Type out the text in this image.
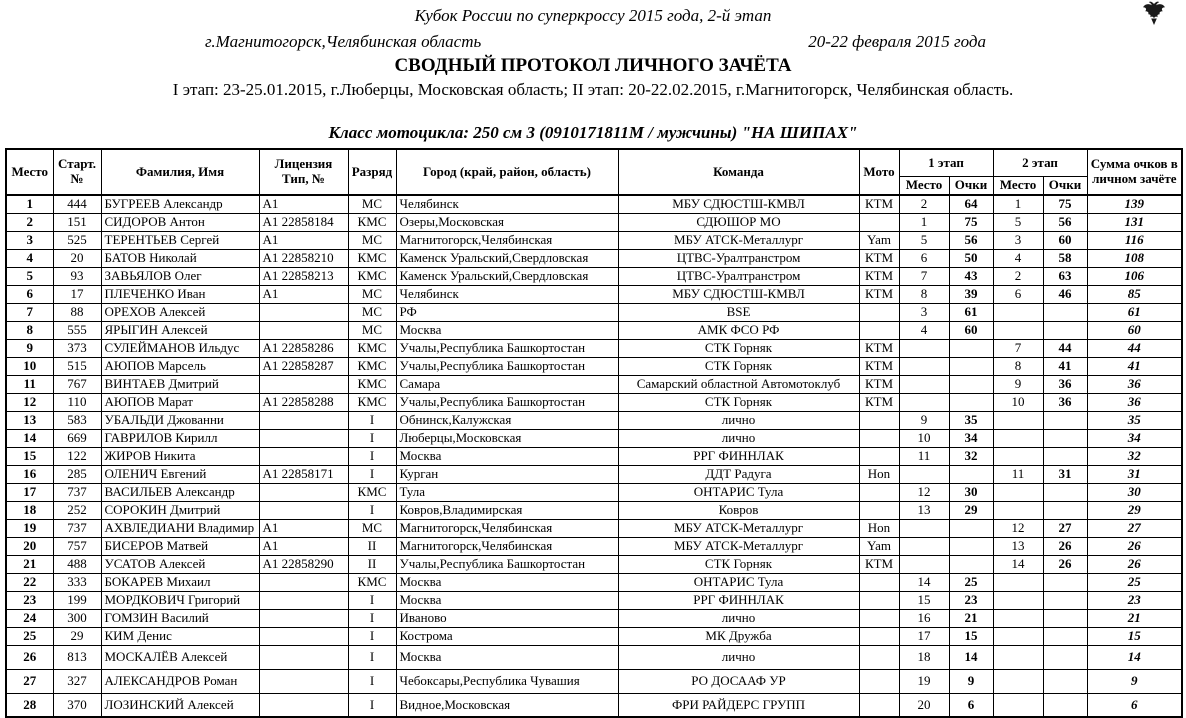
Кубок России по суперкроссу 2015 года, 2-й этап
г.Магнитогорск,Челябинская область	20-22 февраля 2015 года
СВОДНЫЙ ПРОТОКОЛ ЛИЧНОГО ЗАЧЁТА
I этап: 23-25.01.2015, г.Люберцы, Московская область; II этап: 20-22.02.2015, г.Магнитогорск, Челябинская область.
Класс мотоцикла: 250 см 3 (0910171811М / мужчины) "НА ШИПАХ"
Место	Старт. №	Фамилия, Имя	Лицензия Тип, №	Разряд	Город (край, район, область)	Команда	Мото	1 этап		2 этап		Сумма очков в личном зачёте
								Место	Очки	Место	Очки	
1	444	БУГРЕЕВ Александр	А1	МС	Челябинск	МБУ СДЮСТШ-КМВЛ	КТМ	2	64	1	75	139
2	151	СИДОРОВ Антон	А1 22858184	КМС	Озеры,Московская	СДЮШОР МО		1	75	5	56	131
3	525	ТЕРЕНТЬЕВ Сергей	А1	МС	Магнитогорск,Челябинская	МБУ АТСК-Металлург	Yam	5	56	3	60	116
4	20	БАТОВ Николай	А1 22858210	КМС	Каменск Уральский,Свердловская	ЦТВС-Уралтранстром	КТМ	6	50	4	58	108
5	93	ЗАВЬЯЛОВ Олег	А1 22858213	КМС	Каменск Уральский,Свердловская	ЦТВС-Уралтранстром	КТМ	7	43	2	63	106
6	17	ПЛЕЧЕНКО Иван	А1	МС	Челябинск	МБУ СДЮСТШ-КМВЛ	КТМ	8	39	6	46	85
7	88	ОРЕХОВ Алексей		МС	РФ	BSE		3	61			61
8	555	ЯРЫГИН Алексей		МС	Москва	АМК ФСО РФ		4	60			60
9	373	СУЛЕЙМАНОВ Ильдус	А1 22858286	КМС	Учалы,Республика Башкортостан	СТК Горняк	КТМ			7	44	44
10	515	АЮПОВ Марсель	А1 22858287	КМС	Учалы,Республика Башкортостан	СТК Горняк	КТМ			8	41	41
11	767	ВИНТАЕВ Дмитрий		КМС	Самара	Самарский областной Автомотоклуб	КТМ			9	36	36
12	110	АЮПОВ Марат	А1 22858288	КМС	Учалы,Республика Башкортостан	СТК Горняк	КТМ			10	36	36
13	583	УБАЛЬДИ Джованни		I	Обнинск,Калужская	лично		9	35			35
14	669	ГАВРИЛОВ Кирилл		I	Люберцы,Московская	лично		10	34			34
15	122	ЖИРОВ Никита		I	Москва	РРГ ФИННЛАК		11	32			32
16	285	ОЛЕНИЧ Евгений	А1 22858171	I	Курган	ДДТ Радуга	Hon			11	31	31
17	737	ВАСИЛЬЕВ Александр		КМС	Тула	ОНТАРИС Тула		12	30			30
18	252	СОРОКИН Дмитрий		I	Ковров,Владимирская	Ковров		13	29			29
19	737	АХВЛЕДИАНИ Владимир	А1	МС	Магнитогорск,Челябинская	МБУ АТСК-Металлург	Hon			12	27	27
20	757	БИСЕРОВ Матвей	А1	II	Магнитогорск,Челябинская	МБУ АТСК-Металлург	Yam			13	26	26
21	488	УСАТОВ Алексей	А1 22858290	II	Учалы,Республика Башкортостан	СТК Горняк	КТМ			14	26	26
22	333	БОКАРЕВ Михаил		КМС	Москва	ОНТАРИС Тула		14	25			25
23	199	МОРДКОВИЧ Григорий		I	Москва	РРГ ФИННЛАК		15	23			23
24	300	ГОМЗИН Василий		I	Иваново	лично		16	21			21
25	29	КИМ Денис		I	Кострома	МК Дружба		17	15			15
26	813	МОСКАЛЁВ Алексей		I	Москва	лично		18	14			14
27	327	АЛЕКСАНДРОВ Роман		I	Чебоксары,Республика Чувашия	РО ДОСААФ УР		19	9			9
28	370	ЛОЗИНСКИЙ Алексей		I	Видное,Московская	ФРИ РАЙДЕРС ГРУПП		20	6			6
